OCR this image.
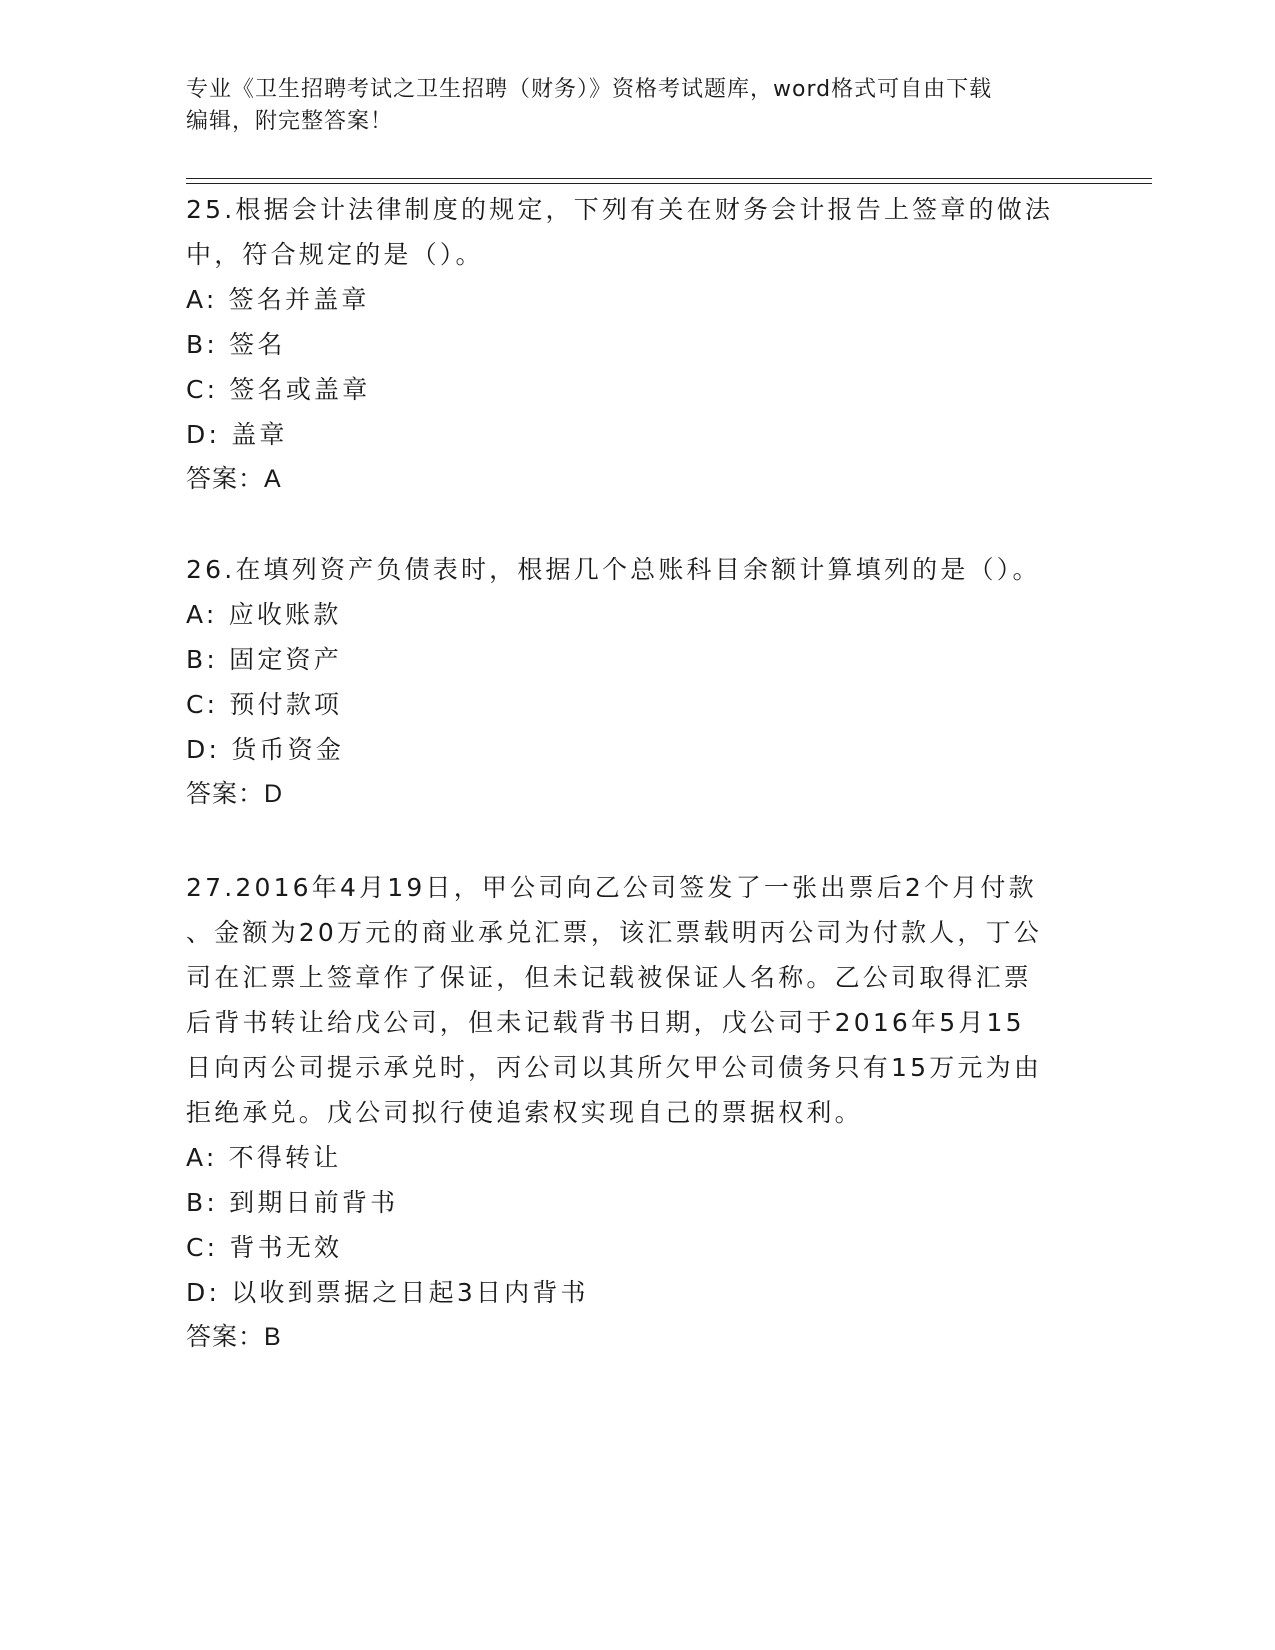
专业《卫生招聘考试之卫生招聘（财务）》资格考试题库，word格式可自由下载
编辑，附完整答案！
25.根据会计法律制度的规定，下列有关在财务会计报告上签章的做法
中，符合规定的是（）。
A: 签名并盖章
B: 签名
C: 签名或盖章
D: 盖章
答案：A
26.在填列资产负债表时，根据几个总账科目余额计算填列的是（）。
A: 应收账款
B: 固定资产
C: 预付款项
D: 货币资金
答案：D
27.2016年4月19日，甲公司向乙公司签发了一张出票后2个月付款
、金额为20万元的商业承兑汇票，该汇票载明丙公司为付款人，丁公
司在汇票上签章作了保证，但未记载被保证人名称。乙公司取得汇票
后背书转让给戊公司，但未记载背书日期，戊公司于2016年5月15
日向丙公司提示承兑时，丙公司以其所欠甲公司债务只有15万元为由
拒绝承兑。戊公司拟行使追索权实现自己的票据权利。
A: 不得转让
B: 到期日前背书
C: 背书无效
D: 以收到票据之日起3日内背书
答案：B
